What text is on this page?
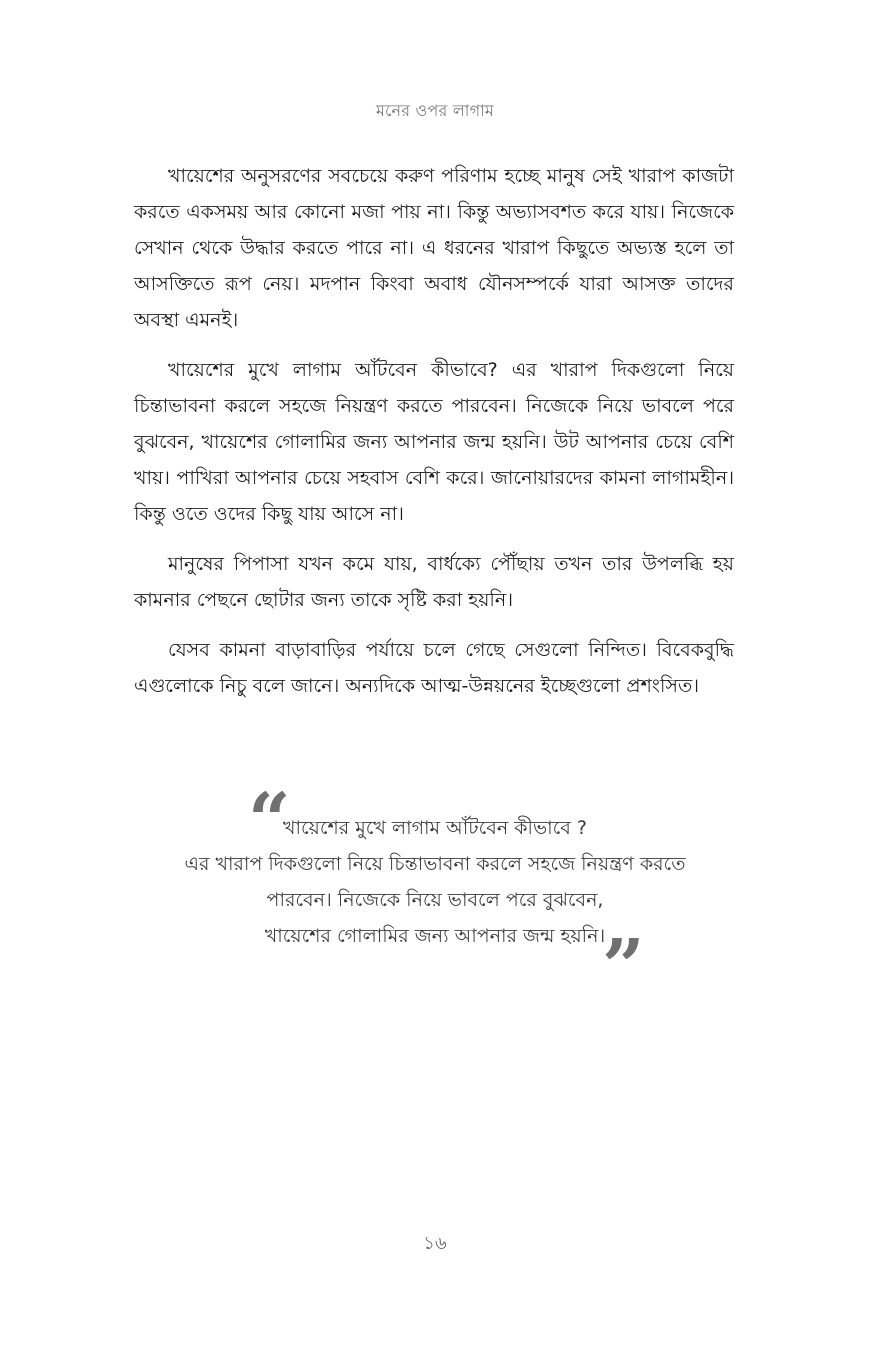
মনের ওপর লাগাম

খায়েশের অনুসরণের সবচেয়ে করুণ পরিণাম হচ্ছে মানুষ সেই খারাপ কাজটা করতে একসময় আর কোনো মজা পায় না। কিন্তু অভ্যাসবশত করে যায়। নিজেকে সেখান থেকে উদ্ধার করতে পারে না। এ ধরনের খারাপ কিছুতে অভ্যস্ত হলে তা আসক্তিতে রূপ নেয়। মদপান কিংবা অবাধ যৌনসম্পর্কে যারা আসক্ত তাদের অবস্থা এমনই।

খায়েশের মুখে লাগাম আঁটবেন কীভাবে? এর খারাপ দিকগুলো নিয়ে চিন্তাভাবনা করলে সহজে নিয়ন্ত্রণ করতে পারবেন। নিজেকে নিয়ে ভাবলে পরে বুঝবেন, খায়েশের গোলামির জন্য আপনার জন্ম হয়নি। উট আপনার চেয়ে বেশি খায়। পাখিরা আপনার চেয়ে সহবাস বেশি করে। জানোয়ারদের কামনা লাগামহীন। কিন্তু ওতে ওদের কিছু যায় আসে না।

মানুষের পিপাসা যখন কমে যায়, বার্ধক্যে পৌঁছায় তখন তার উপলব্ধি হয় কামনার পেছনে ছোটার জন্য তাকে সৃষ্টি করা হয়নি।

যেসব কামনা বাড়াবাড়ির পর্যায়ে চলে গেছে সেগুলো নিন্দিত। বিবেকবুদ্ধি এগুলোকে নিচু বলে জানে। অন্যদিকে আত্ম-উন্নয়নের ইচ্ছেগুলো প্রশংসিত।

“
খায়েশের মুখে লাগাম আঁটবেন কীভাবে ?
এর খারাপ দিকগুলো নিয়ে চিন্তাভাবনা করলে সহজে নিয়ন্ত্রণ করতে
পারবেন। নিজেকে নিয়ে ভাবলে পরে বুঝবেন,
খায়েশের গোলামির জন্য আপনার জন্ম হয়নি।
”
১৬
